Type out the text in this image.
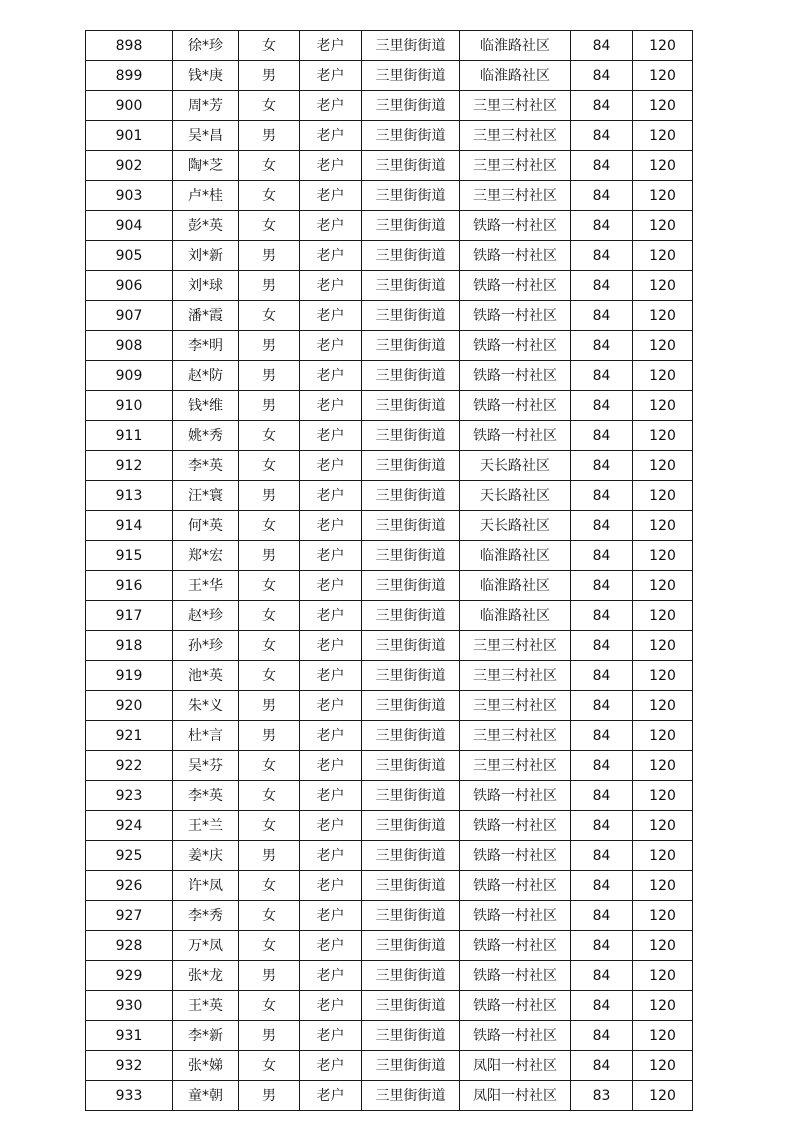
898	徐*珍	女	老户	三里街街道	临淮路社区	84	120
899	钱*庚	男	老户	三里街街道	临淮路社区	84	120
900	周*芳	女	老户	三里街街道	三里三村社区	84	120
901	吴*昌	男	老户	三里街街道	三里三村社区	84	120
902	陶*芝	女	老户	三里街街道	三里三村社区	84	120
903	卢*桂	女	老户	三里街街道	三里三村社区	84	120
904	彭*英	女	老户	三里街街道	铁路一村社区	84	120
905	刘*新	男	老户	三里街街道	铁路一村社区	84	120
906	刘*球	男	老户	三里街街道	铁路一村社区	84	120
907	潘*霞	女	老户	三里街街道	铁路一村社区	84	120
908	李*明	男	老户	三里街街道	铁路一村社区	84	120
909	赵*防	男	老户	三里街街道	铁路一村社区	84	120
910	钱*维	男	老户	三里街街道	铁路一村社区	84	120
911	姚*秀	女	老户	三里街街道	铁路一村社区	84	120
912	李*英	女	老户	三里街街道	天长路社区	84	120
913	汪*寰	男	老户	三里街街道	天长路社区	84	120
914	何*英	女	老户	三里街街道	天长路社区	84	120
915	郑*宏	男	老户	三里街街道	临淮路社区	84	120
916	王*华	女	老户	三里街街道	临淮路社区	84	120
917	赵*珍	女	老户	三里街街道	临淮路社区	84	120
918	孙*珍	女	老户	三里街街道	三里三村社区	84	120
919	池*英	女	老户	三里街街道	三里三村社区	84	120
920	朱*义	男	老户	三里街街道	三里三村社区	84	120
921	杜*言	男	老户	三里街街道	三里三村社区	84	120
922	吴*芬	女	老户	三里街街道	三里三村社区	84	120
923	李*英	女	老户	三里街街道	铁路一村社区	84	120
924	王*兰	女	老户	三里街街道	铁路一村社区	84	120
925	姜*庆	男	老户	三里街街道	铁路一村社区	84	120
926	许*凤	女	老户	三里街街道	铁路一村社区	84	120
927	李*秀	女	老户	三里街街道	铁路一村社区	84	120
928	万*凤	女	老户	三里街街道	铁路一村社区	84	120
929	张*龙	男	老户	三里街街道	铁路一村社区	84	120
930	王*英	女	老户	三里街街道	铁路一村社区	84	120
931	李*新	男	老户	三里街街道	铁路一村社区	84	120
932	张*娣	女	老户	三里街街道	凤阳一村社区	84	120
933	童*朝	男	老户	三里街街道	凤阳一村社区	83	120
